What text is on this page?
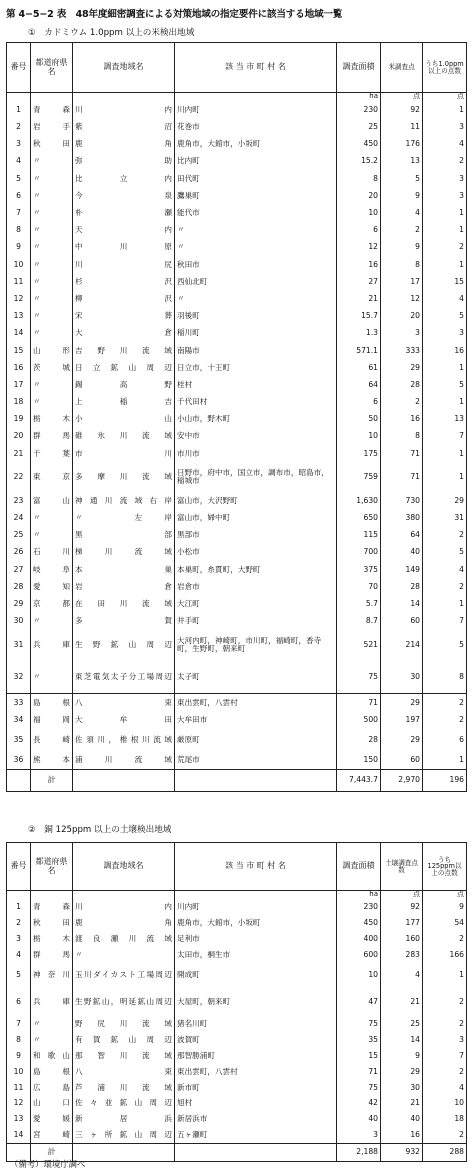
第 4−5−2 表　48年度細密調査による対策地域の指定要件に該当する地域一覧
①　カドミウム 1.0ppm 以上の米検出地域
番号	都道府県名	調査地域名	該 当 市 町 村 名	調査面積	米調査点	うち1.0ppm以上の点数
				ha	点	点
1	青 森	川 内	川内町	230	92	1
2	岩 手	紫 沼	花巻市	25	11	3
3	秋 田	鹿 角	鹿角市，大館市，小坂町	450	176	4
4	〃	弥 助	比内町	15.2	13	2
5	〃	比 立 内	田代町	8	5	3
6	〃	今 泉	鷹巣町	20	9	3
7	〃	朴 瀬	能代市	10	4	1
8	〃	天 内	〃	6	2	1
9	〃	中 川 原	〃	12	9	2
10	〃	川 尻	秋田市	16	8	1
11	〃	杉 沢	西仙北町	27	17	15
12	〃	柳 沢	〃	21	12	4
13	〃	宋 葬	羽後町	15.7	20	5
14	〃	大 倉	稲川町	1.3	3	3
15	山 形	吉野川流域	南陽市	571.1	333	16
16	茨 城	日立鉱山周辺	日立市，十王町	61	29	1
17	〃	錫 高 野	桂村	64	28	5
18	〃	上 稲 吉	千代田村	6	2	1
19	栃 木	小 山	小山市，野木町	50	16	13
20	群 馬	碓氷川流域	安中市	10	8	7
21	千 葉	市 川	市川市	175	71	1
22	東 京	多摩川流域	日野市，府中市，国立市，調布市，昭島市，稲城市	759	71	1
23	富 山	神通川流域右岸	富山市，大沢野町	1,630	730	29
24	〃	〃　左岸	富山市，婦中町	650	380	31
25	〃	黒 部	黒部市	115	64	2
26	石 川	梯川流域	小松市	700	40	5
27	岐 阜	本 巣	本巣町，糸貫町，大野町	375	149	4
28	愛 知	岩 倉	岩倉市	70	28	2
29	京 都	在田川流域	大江町	5.7	14	1
30	〃	多 賀	井手町	8.7	60	7
31	兵 庫	生野鉱山周辺	大河内町，神崎町，市川町，福崎町，香寺町，生野町，朝来町	521	214	5
32	〃	東芝電気太子分工場周辺	太子町	75	30	8
33	島 根	八 束	東出雲町，八雲村	71	29	2
34	福 岡	大 牟 田	大牟田市	500	197	2
35	長 崎	佐須川，椎根川流域	厳原町	28	29	6
36	熊 本	浦川流域	荒尾市	150	60	1
	計			7,443.7	2,970	196
②　銅 125ppm 以上の土壌検出地域
番号	都道府県名	調査地域名	該 当 市 町 村 名	調査面積	土壌調査点数	うち125ppm以上の点数
				ha	点	点
1	青 森	川 内	川内町	230	92	9
2	秋 田	鹿 角	鹿角市，大館市，小坂町	450	177	54
3	栃 木	渡良瀬川流域	足利市	400	160	2
4	群 馬	〃	太田市，桐生市	600	283	166
5	神奈川	玉川ダイカスト工場周辺	開成町	10	4	1
6	兵 庫	生野鉱山，明延鉱山周辺	大屋町，朝来町	47	21	2
7	〃	野尻川流域	猪名川町	75	25	2
8	〃	有賀鉱山周辺	波賀町	35	14	3
9	和歌山	那智川流域	那智勝浦町	15	9	7
10	島 根	八 束	東出雲町，八雲村	71	29	2
11	広 島	芦浦川流域	新市町	75	30	4
12	山 口	佐々並鉱山周辺	旭村	42	21	10
13	愛 媛	新 居 浜	新居浜市	40	40	18
14	宮 崎	三ヶ所鉱山周辺	五ヶ瀬町	3	16	2
	計			2,188	932	288
（備考）環境庁調べ
